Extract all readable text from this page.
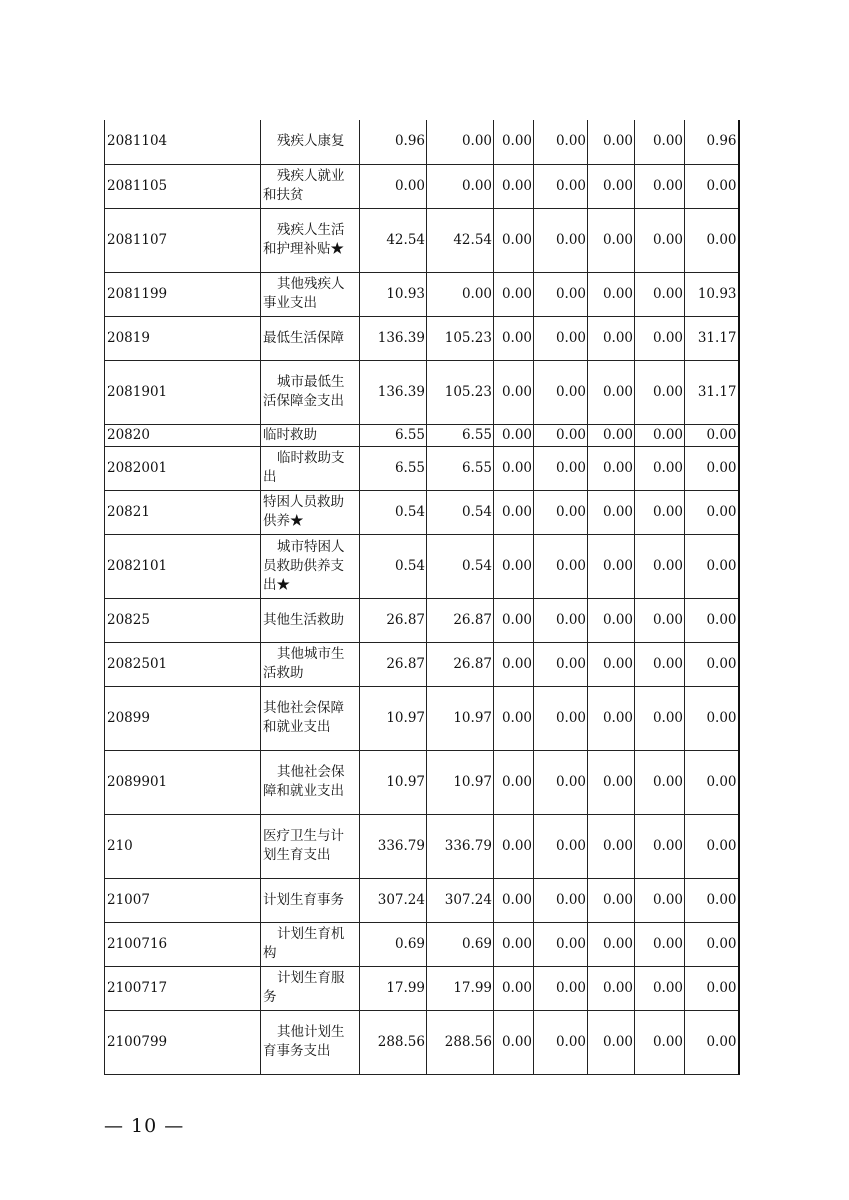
2081104	残疾人康复	0.96	0.00	0.00	0.00	0.00	0.00	0.96
2081105	残疾人就业和扶贫	0.00	0.00	0.00	0.00	0.00	0.00	0.00
2081107	残疾人生活和护理补贴★	42.54	42.54	0.00	0.00	0.00	0.00	0.00
2081199	其他残疾人事业支出	10.93	0.00	0.00	0.00	0.00	0.00	10.93
20819	最低生活保障	136.39	105.23	0.00	0.00	0.00	0.00	31.17
2081901	城市最低生活保障金支出	136.39	105.23	0.00	0.00	0.00	0.00	31.17
20820	临时救助	6.55	6.55	0.00	0.00	0.00	0.00	0.00
2082001	临时救助支出	6.55	6.55	0.00	0.00	0.00	0.00	0.00
20821	特困人员救助供养★	0.54	0.54	0.00	0.00	0.00	0.00	0.00
2082101	城市特困人员救助供养支出★	0.54	0.54	0.00	0.00	0.00	0.00	0.00
20825	其他生活救助	26.87	26.87	0.00	0.00	0.00	0.00	0.00
2082501	其他城市生活救助	26.87	26.87	0.00	0.00	0.00	0.00	0.00
20899	其他社会保障和就业支出	10.97	10.97	0.00	0.00	0.00	0.00	0.00
2089901	其他社会保障和就业支出	10.97	10.97	0.00	0.00	0.00	0.00	0.00
210	医疗卫生与计划生育支出	336.79	336.79	0.00	0.00	0.00	0.00	0.00
21007	计划生育事务	307.24	307.24	0.00	0.00	0.00	0.00	0.00
2100716	计划生育机构	0.69	0.69	0.00	0.00	0.00	0.00	0.00
2100717	计划生育服务	17.99	17.99	0.00	0.00	0.00	0.00	0.00
2100799	其他计划生育事务支出	288.56	288.56	0.00	0.00	0.00	0.00	0.00
— 10 —
